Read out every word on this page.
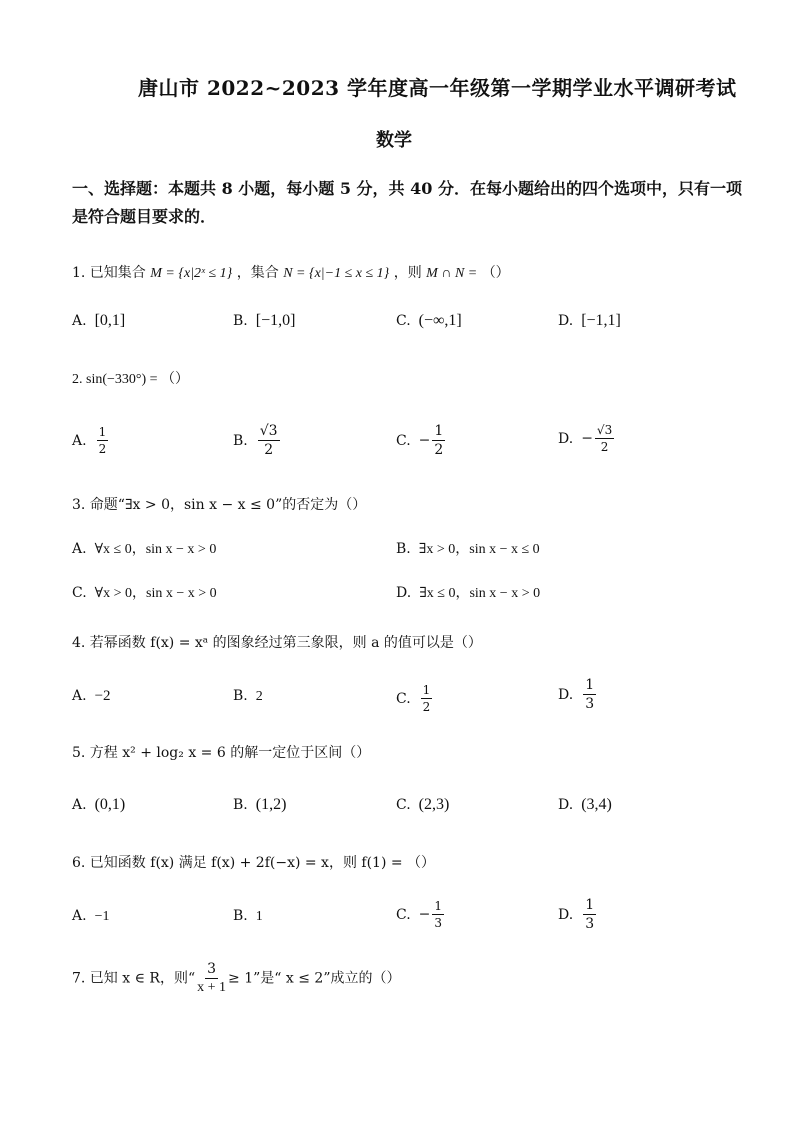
唐山市 2022~2023 学年度高一年级第一学期学业水平调研考试
数学
一、选择题：本题共 8 小题，每小题 5 分，共 40 分．在每小题给出的四个选项中，只有一项
是符合题目要求的．
1. 已知集合 M = {x|2ˣ ≤ 1} ，集合 N = {x|−1 ≤ x ≤ 1} ，则 M ∩ N = （）
A. [0,1]	B. [−1,0]	C. (−∞,1]	D. [−1,1]
2. sin(−330°) = （）
A. $\frac{1}{2}$	B. $\frac{√3}{2}$	C. − $\frac{1}{2}$	D. − $\frac{√3}{2}$
3. 命题“∃x > 0，sin x − x ≤ 0”的否定为（）
A. ∀x ≤ 0，sin x − x > 0	B. ∃x > 0，sin x − x ≤ 0
C. ∀x > 0，sin x − x > 0	D. ∃x ≤ 0，sin x − x > 0
4. 若幂函数 f(x) = xᵃ 的图象经过第三象限，则 a 的值可以是（）
A. −2	B. 2	C. $\frac{1}{2}$	D. $\frac{1}{3}$
5. 方程 x² + log₂ x = 6 的解一定位于区间（）
A. (0,1)	B. (1,2)	C. (2,3)	D. (3,4)
6. 已知函数 f(x) 满足 f(x) + 2f(−x) = x，则 f(1) = （）
A. −1	B. 1	C. − $\frac{1}{3}$	D. $\frac{1}{3}$
7. 已知 x ∈ R，则“ $\frac{3}{x + 1} \ge 1$”是“ x ≤ 2”成立的（）
